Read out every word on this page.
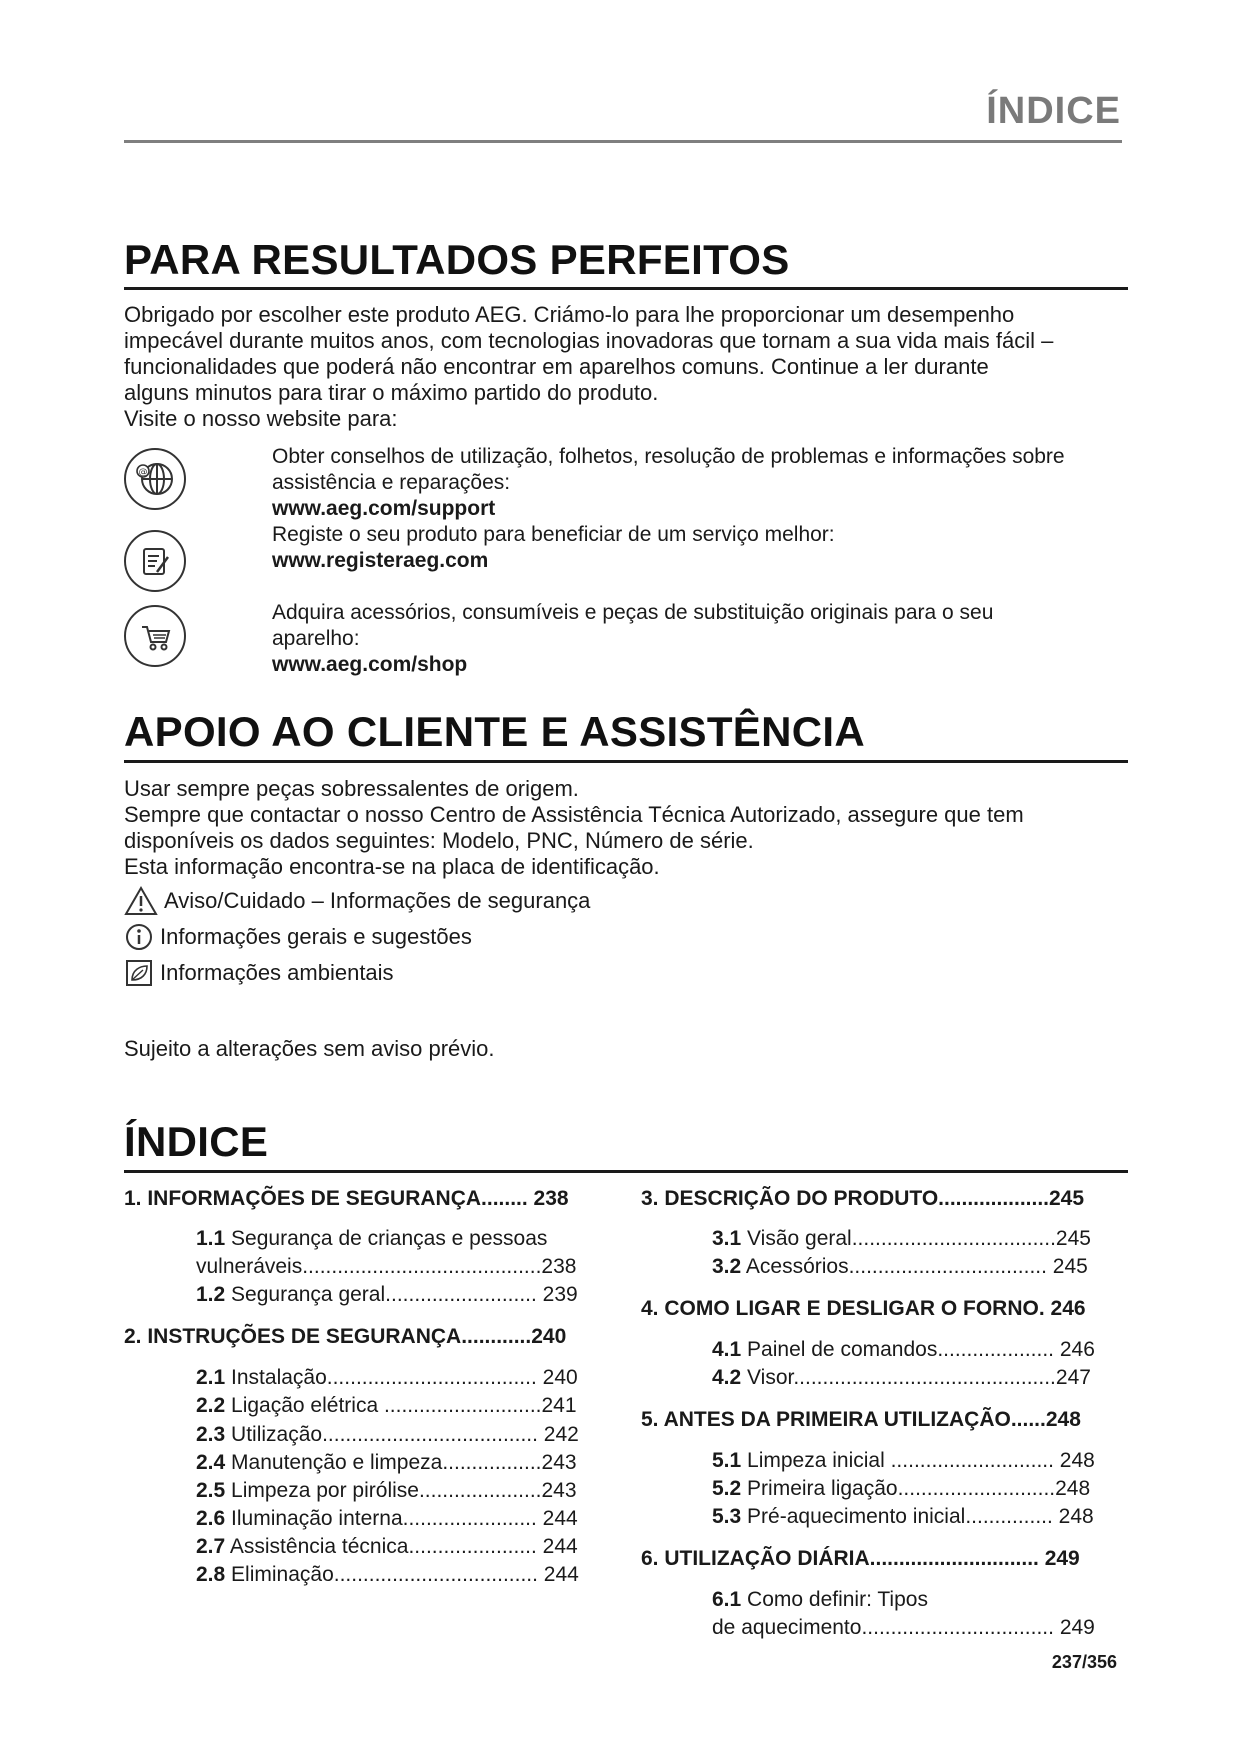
ÍNDICE
PARA RESULTADOS PERFEITOS
Obrigado por escolher este produto AEG. Criámo-lo para lhe proporcionar um desempenho
impecável durante muitos anos, com tecnologias inovadoras que tornam a sua vida mais fácil –
funcionalidades que poderá não encontrar em aparelhos comuns. Continue a ler durante
alguns minutos para tirar o máximo partido do produto.
Visite o nosso website para:
@
Obter conselhos de utilização, folhetos, resolução de problemas e informações sobre
assistência e reparações:
www.aeg.com/support
Registe o seu produto para beneficiar de um serviço melhor:
www.registeraeg.com
Adquira acessórios, consumíveis e peças de substituição originais para o seu
aparelho:
www.aeg.com/shop
APOIO AO CLIENTE E ASSISTÊNCIA
Usar sempre peças sobressalentes de origem.
Sempre que contactar o nosso Centro de Assistência Técnica Autorizado, assegure que tem
disponíveis os dados seguintes: Modelo, PNC, Número de série.
Esta informação encontra-se na placa de identificação.
Aviso/Cuidado – Informações de segurança
Informações gerais e sugestões
Informações ambientais
Sujeito a alterações sem aviso prévio.
ÍNDICE
1. INFORMAÇÕES DE SEGURANÇA........ 238
1.1 Segurança de crianças e pessoas
vulneráveis.........................................238
1.2 Segurança geral.......................... 239
2. INSTRUÇÕES DE SEGURANÇA............240
2.1 Instalação.................................... 240
2.2 Ligação elétrica ...........................241
2.3 Utilização..................................... 242
2.4 Manutenção e limpeza.................243
2.5 Limpeza por pirólise.....................243
2.6 Iluminação interna....................... 244
2.7 Assistência técnica...................... 244
2.8 Eliminação................................... 244
3. DESCRIÇÃO DO PRODUTO...................245
3.1 Visão geral...................................245
3.2 Acessórios.................................. 245
4. COMO LIGAR E DESLIGAR O FORNO. 246
4.1 Painel de comandos.................... 246
4.2 Visor.............................................247
5. ANTES DA PRIMEIRA UTILIZAÇÃO......248
5.1 Limpeza inicial ............................ 248
5.2 Primeira ligação...........................248
5.3 Pré-aquecimento inicial............... 248
6. UTILIZAÇÃO DIÁRIA............................. 249
6.1 Como definir: Tipos
de aquecimento................................. 249
237/356
